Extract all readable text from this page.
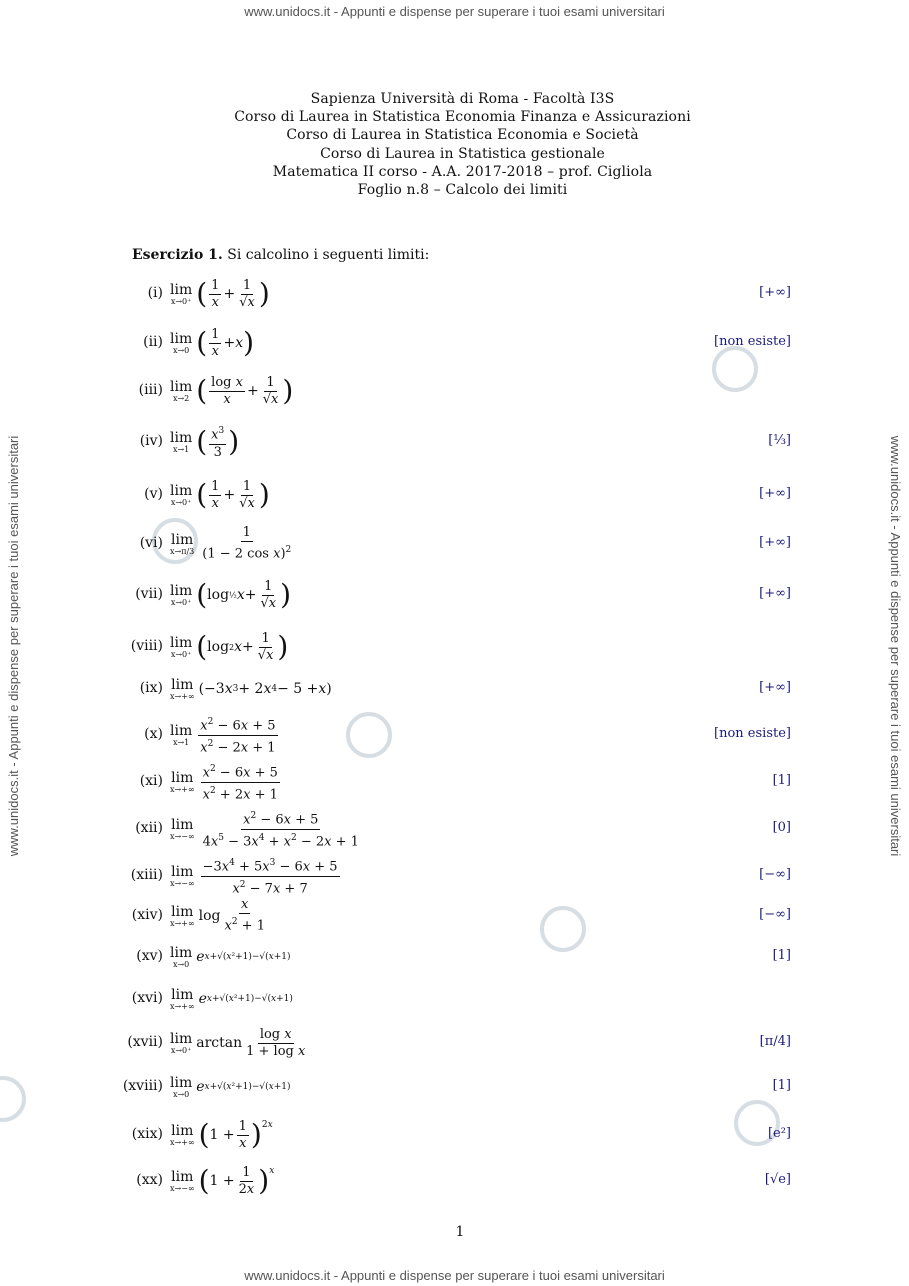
www.unidocs.it - Appunti e dispense per superare i tuoi esami universitari
www.unidocs.it - Appunti e dispense per superare i tuoi esami universitari
www.unidocs.it - Appunti e dispense per superare i tuoi esami universitari	www.unidocs.it - Appunti e dispense per superare i tuoi esami universitari
Sapienza Università di Roma - Facoltà I3S
Corso di Laurea in Statistica Economia Finanza e Assicurazioni
Corso di Laurea in Statistica Economia e Società
Corso di Laurea in Statistica gestionale
Matematica II corso - A.A. 2017-2018 – prof. Cigliola
Foglio n.8 – Calcolo dei limiti
Esercizio 1. Si calcolino i seguenti limiti:
(i) lim
x→0⁺ ( $\frac{1}{x} + \frac{1}{√x}$ )	[+∞]
(ii) lim
x→0 ( $\frac{1}{x} + x$ )	[non esiste]
(iii) lim
x→2 ( $\frac{\text{log x}}{x} + \frac{1}{√x}$ )
(iv) lim
x→1 ( $\frac{x^3}{3}$ )	[⅓]
(v) lim
x→0⁺ ( $\frac{1}{x} + \frac{1}{√x}$ )	[+∞]
(vi) lim
$x\to\pi/3 \frac{1}{(1 - 2 \cos x)^2}$	[+∞]
(vii) lim
x→0⁺ ( log ½ $x + \frac{1}{√x}$ )	[+∞]
(viii) lim
x→0⁺ ( log 2 $x + \frac{1}{√x}$ )
(ix) lim
x→+∞ (−3 x 3 + 2 x 4 − 5 + x )	[+∞]
(x) lim
$x\to 1 \frac{x^2 - 6x + 5}{x^2 - 2x + 1}$	[non esiste]
(xi) lim
$x\to+\infty \frac{x^2 - 6x + 5}{x^2 + 2x + 1}$	[1]
(xii) lim
$x\to-\infty \frac{x^2 - 6x + 5}{4x^5 - 3x^4 + x^2 - 2x + 1}$	[0]
(xiii) lim
$x\to-\infty \frac{-3x^4 + 5x^3 - 6x + 5}{x^2 - 7x + 7}$	[−∞]
(xiv) lim
x→+∞ $\log \frac{x}{x^2 + 1}$	[−∞]
(xv) lim
x→0 e x+√(x²+1)−√(x+1)	[1]
(xvi) lim
x→+∞ e x+√(x²+1)−√(x+1)
(xvii) lim
x→0⁺ $\arctan \frac{\text{log x}}{\text{1 + log x}}$	[π/4]
(xviii) lim
x→0 e x+√(x²+1)−√(x+1)	[1]
(xix) lim
x→+∞ ( $1 + \frac{1}{x} )^{2x}$
[e²]
(xx) lim
x→−∞ ( $1 + \frac{1}{2x}$ ) $^x$
[√e]
1
